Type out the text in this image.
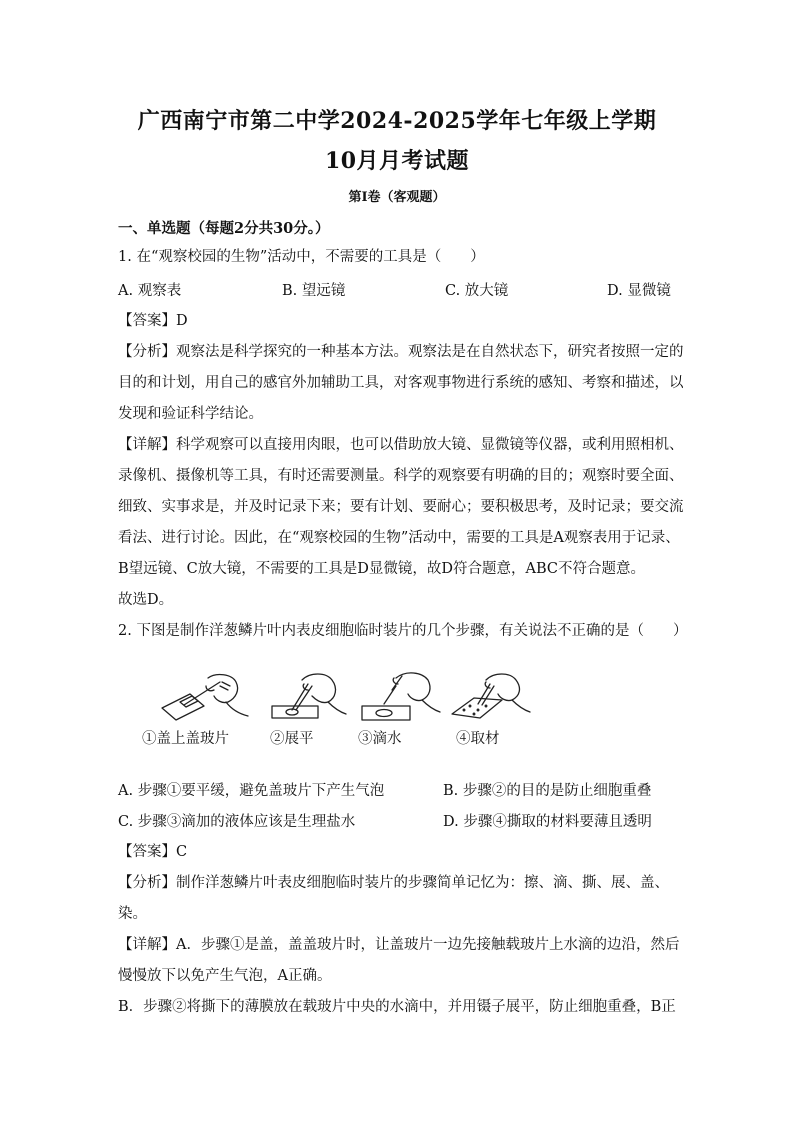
广西南宁市第二中学2024-2025学年七年级上学期
10月月考试题
第Ⅰ卷（客观题）
一、单选题（每题2分共30分。）
1. 在“观察校园的生物”活动中，不需要的工具是（　　）
A. 观察表	B. 望远镜	C. 放大镜	D. 显微镜
【答案】D
【分析】观察法是科学探究的一种基本方法。观察法是在自然状态下，研究者按照一定的
目的和计划，用自己的感官外加辅助工具，对客观事物进行系统的感知、考察和描述，以
发现和验证科学结论。
【详解】科学观察可以直接用肉眼，也可以借助放大镜、显微镜等仪器，或利用照相机、
录像机、摄像机等工具，有时还需要测量。科学的观察要有明确的目的；观察时要全面、
细致、实事求是，并及时记录下来；要有计划、要耐心；要积极思考，及时记录；要交流
看法、进行讨论。因此，在“观察校园的生物”活动中，需要的工具是A观察表用于记录、
B望远镜、C放大镜，不需要的工具是D显微镜，故D符合题意，ABC不符合题意。
故选D。
2. 下图是制作洋葱鳞片叶内表皮细胞临时装片的几个步骤，有关说法不正确的是（　　）
①盖上盖玻片	②展平	③滴水	④取材
A. 步骤①要平缓，避免盖玻片下产生气泡	B. 步骤②的目的是防止细胞重叠
C. 步骤③滴加的液体应该是生理盐水	D. 步骤④撕取的材料要薄且透明
【答案】C
【分析】制作洋葱鳞片叶表皮细胞临时装片的步骤简单记忆为：擦、滴、撕、展、盖、
染。
【详解】A．步骤①是盖，盖盖玻片时，让盖玻片一边先接触载玻片上水滴的边沿，然后
慢慢放下以免产生气泡，A正确。
B．步骤②将撕下的薄膜放在载玻片中央的水滴中，并用镊子展平，防止细胞重叠，B正
